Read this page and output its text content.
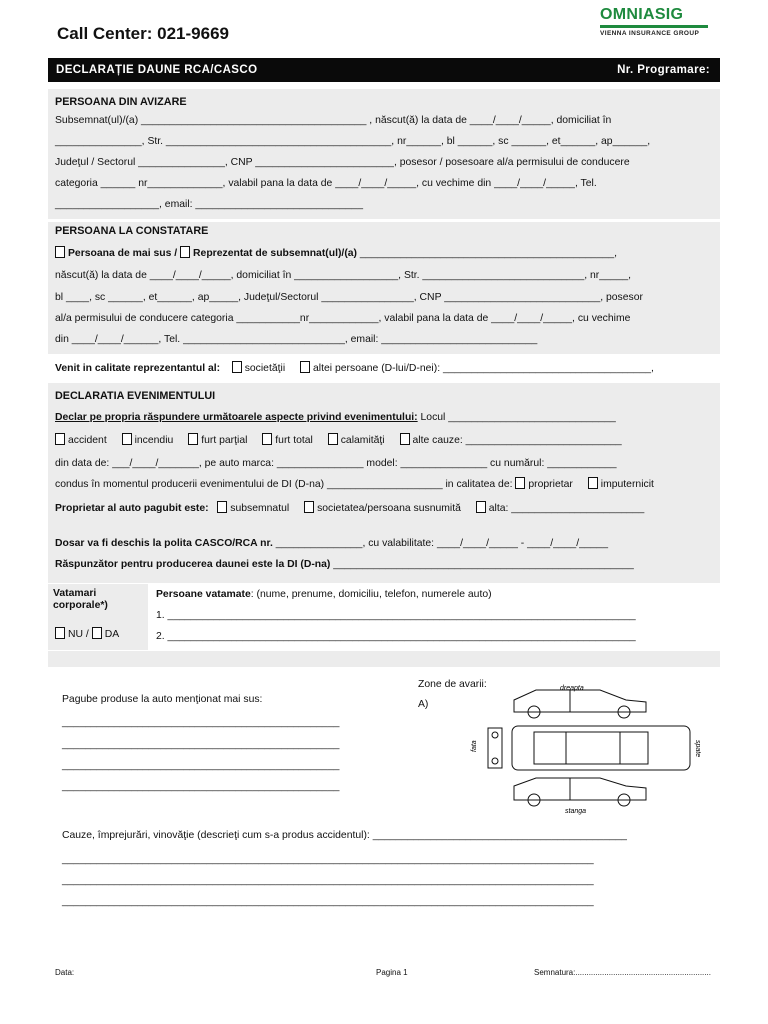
Call Center: 021-9669
OMNIASIG
VIENNA INSURANCE GROUP
DECLARAȚIE DAUNE RCA/CASCO	Nr. Programare:
PERSOANA DIN AVIZARE
Subsemnat(ul)/(a) _______________________________________ , născut(ă) la data de ____/____/_____, domiciliat în
_______________, Str. _______________________________________, nr______, bl ______, sc ______, et______, ap______,
Judeţul / Sectorul _______________, CNP ________________________, posesor / posesoare al/a permisului de conducere
categoria ______ nr_____________, valabil pana la data de ____/____/_____, cu vechime din ____/____/_____, Tel.
__________________, email: _____________________________
PERSOANA LA CONSTATARE
Persoana de mai sus / Reprezentat de subsemnat(ul)/(a) ____________________________________________,
născut(ă) la data de ____/____/_____, domiciliat în __________________, Str. ____________________________, nr_____,
bl ____, sc ______, et______, ap_____, Judeţul/Sectorul ________________, CNP ___________________________, posesor
al/a permisului de conducere categoria ___________nr____________, valabil pana la data de ____/____/_____, cu vechime
din ____/____/______, Tel. ____________________________, email: ___________________________
Venit in calitate reprezentantul al: societăţii	altei persoane (D-lui/D-nei): ____________________________________,
DECLARATIA EVENIMENTULUI
Declar pe propria răspundere următoarele aspecte privind evenimentului: Locul _____________________________
accident	incendiu	furt parţial	furt total	calamităţi	alte cauze: ___________________________
din data de: ___/____/_______, pe auto marca: _______________ model: _______________ cu numărul: ____________
condus în momentul producerii evenimentului de DI (D-na) ____________________ in calitatea de: proprietar	imputernicit
Proprietar al auto pagubit este: subsemnatul	societatea/persoana susnumită	alta: _______________________
Dosar va fi deschis la polita CASCO/RCA nr. _______________, cu valabilitate: ____/____/_____ - ____/____/_____
Răspunzător pentru producerea daunei este la DI (D-na) ____________________________________________________
Vatamari
corporale*)
NU / DA
Persoane vatamate: (nume, prenume, domiciliu, telefon, numerele auto)
1. _________________________________________________________________________________
2. _________________________________________________________________________________
Pagube produse la auto menţionat mai sus:
________________________________________________
________________________________________________
________________________________________________
________________________________________________
Zone de avarii:
A)
dreapta
stanga
fata	spate
Cauze, împrejurări, vinovăţie (descrieţi cum s-a produs accidentul): ____________________________________________
____________________________________________________________________________________________
____________________________________________________________________________________________
____________________________________________________________________________________________
Data:	Pagina 1	Semnatura:.............................................................
